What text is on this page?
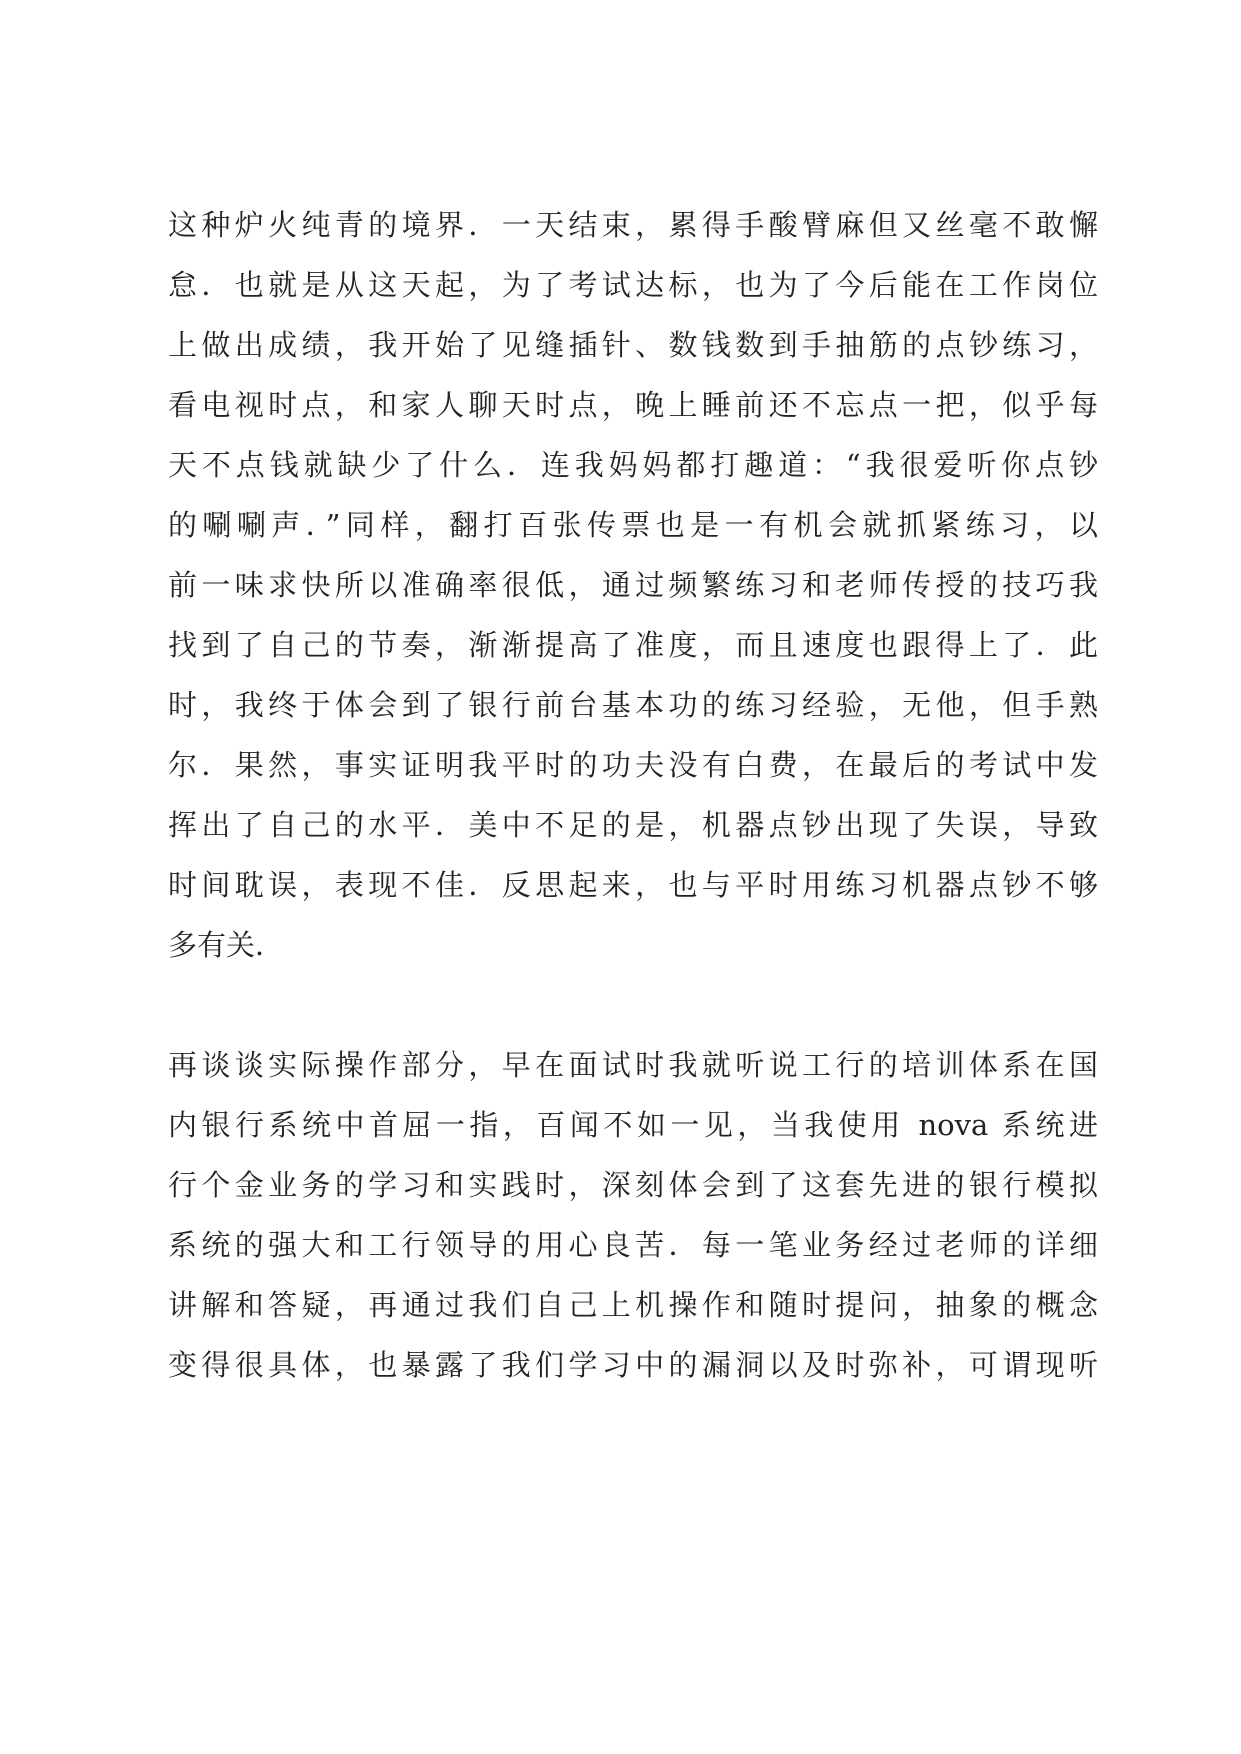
这种炉火纯青的境界．一天结束，累得手酸臂麻但又丝毫不敢懈
怠．也就是从这天起，为了考试达标，也为了今后能在工作岗位
上做出成绩，我开始了见缝插针、数钱数到手抽筋的点钞练习，
看电视时点，和家人聊天时点，晚上睡前还不忘点一把，似乎每
天不点钱就缺少了什么．连我妈妈都打趣道：“我很爱听你点钞
的唰唰声．”同样，翻打百张传票也是一有机会就抓紧练习，以
前一味求快所以准确率很低，通过频繁练习和老师传授的技巧我
找到了自己的节奏，渐渐提高了准度，而且速度也跟得上了．此
时，我终于体会到了银行前台基本功的练习经验，无他，但手熟
尔．果然，事实证明我平时的功夫没有白费，在最后的考试中发
挥出了自己的水平．美中不足的是，机器点钞出现了失误，导致
时间耽误，表现不佳．反思起来，也与平时用练习机器点钞不够
多有关．
再谈谈实际操作部分，早在面试时我就听说工行的培训体系在国
内银行系统中首屈一指，百闻不如一见，当我使用 nova 系统进
行个金业务的学习和实践时，深刻体会到了这套先进的银行模拟
系统的强大和工行领导的用心良苦．每一笔业务经过老师的详细
讲解和答疑，再通过我们自己上机操作和随时提问，抽象的概念
变得很具体，也暴露了我们学习中的漏洞以及时弥补，可谓现听
